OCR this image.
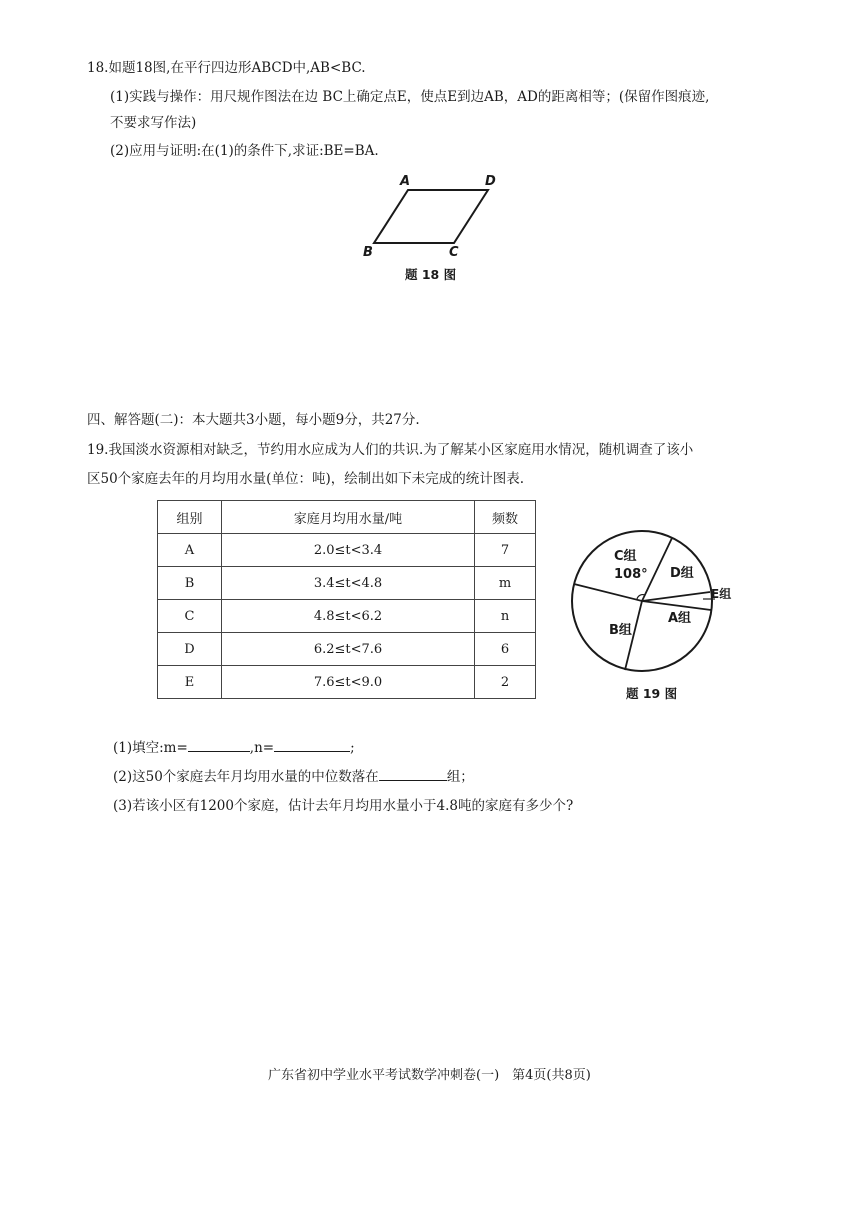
18.如题18图,在平行四边形ABCD中,AB<BC.
(1)实践与操作：用尺规作图法在边 BC上确定点E，使点E到边AB，AD的距离相等；(保留作图痕迹,
不要求写作法)
(2)应用与证明:在(1)的条件下,求证:BE=BA.
A	D
B	C
题 18 图
四、解答题(二)：本大题共3小题，每小题9分，共27分.
19.我国淡水资源相对缺乏，节约用水应成为人们的共识.为了解某小区家庭用水情况，随机调查了该小
区50个家庭去年的月均用水量(单位：吨)，绘制出如下未完成的统计图表.
组别	家庭月均用水量/吨	频数
A	2.0≤t<3.4	7
B	3.4≤t<4.8	m
C	4.8≤t<6.2	n
D	6.2≤t<7.6	6
E	7.6≤t<9.0	2
C组
108° D组
E组
A组
B组
题 19 图
(1)填空:m=	,n=	;
(2)这50个家庭去年月均用水量的中位数落在	组；
(3)若该小区有1200个家庭，估计去年月均用水量小于4.8吨的家庭有多少个?
广东省初中学业水平考试数学冲刺卷(一)　第4页(共8页)
